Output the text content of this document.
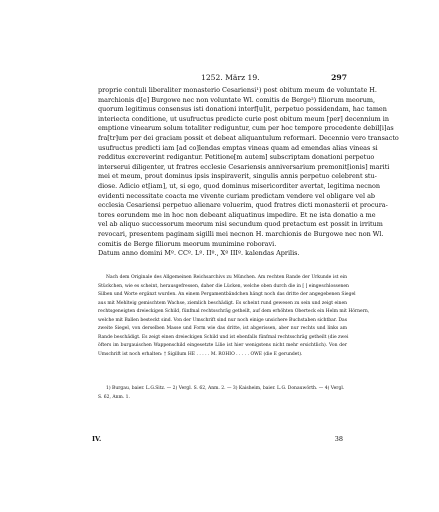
1252. März 19.	297
proprie contuli liberaliter monasterio Cesariensi¹) post obitum meum de voluntate H.
marchionis d[e] Burgowe nec non voluntate Wl. comitis de Berge²) filiorum meorum,
quorum legitimus consensus isti donationi interf[u]it, perpetuo possidendam, hac tamen
interiecta conditione, ut usufructus predicte curie post obitum meum [per] decennium in
emptione vinearum solum totaliter rediguntur, cum per hoc tempore procedente debil[i]as
fra[tr]um per dei graciam possit et debeat aliquantulum reformari. Decennio vero transacto
usufructus predicti iam [ad co]lendas emptas vineas quam ad emendas alias vineas si
redditus excreverint redigantur. Petitione[m autem] subscriptam donationi perpetuo
interserui diligenter, ut fratres ecclesie Cesariensis anniversarium premonit[ionis] mariti
mei et meum, prout dominus ipsis inspiraverit, singulis annis perpetuo celebrent stu-
diose. Adicio et[iam], ut, si ego, quod dominus misericorditer avertat, legitima necnon
evidenti necessitate coacta me vivente curiam predictam vendere vel obligare vel ab
ecclesia Cesariensi perpetuo alienare voluerim, quod fratres dicti monasterii et procura-
tores eorundem me in hoc non debeant aliquatinus impedire. Et ne ista donatio a me
vel ab aliquo successorum meorum nisi secundum quod pretactum est possit in irritum
revocari, presentem paginam sigilli mei necnon H. marchionis de Burgowe nec non Wl.
comitis de Berge filiorum meorum munimine roboravi.
Datum anno domini Mº. CCº. Lº. IIº., Xº IIIº. kalendas Aprilis.
Nach dem Originale des Allgemeinen Reichsarchivs zu München. Am rechten Rande der Urkunde ist ein
Stückchen, wie es scheint, herausgefressen, daher die Lücken, welche oben durch die in [ ] eingeschlossenen
Silben und Worte ergänzt wurden. An einem Pergamentbändchen hängt noch das dritte der angegebenen Siegel
aus mit Mehlteig gemischtem Wachse, ziemlich beschädigt. Es scheint rund gewesen zu sein und zeigt einen
rechtsgeneigten dreieckigen Schild, fünfmal rechtsschräg getheilt, auf dem erhöhten Oberteck ein Helm mit Hörnern,
welche mit Ballen besteckt sind. Von der Umschrift sind nur noch einige unsichere Buchstaben sichtbar. Das
zweite Siegel, von derselben Masse und Form wie das dritte, ist abgerissen, aber nur rechts und links am
Rande beschädigt. Es zeigt einen dreieckigen Schild und ist ebenfalls fünfmal rechtsschräg getheilt (die zwei
öfters im burgauischen Wappenschild eingesetzte Lilie ist hier wenigstens nicht mehr ersichtlich). Von der
Umschrift ist noch erhalten: † Sigillum HE . . . . . M. ROHIO . . . . . OWE (die E gerundet).
1) Burgau, baier. L.G.Sitz. — 2) Vergl. S. 62, Anm. 2. — 3) Kaisheim, baier. L.G. Donauwörth. — 4) Vergl.
S. 62, Anm. 1.
IV.	38
